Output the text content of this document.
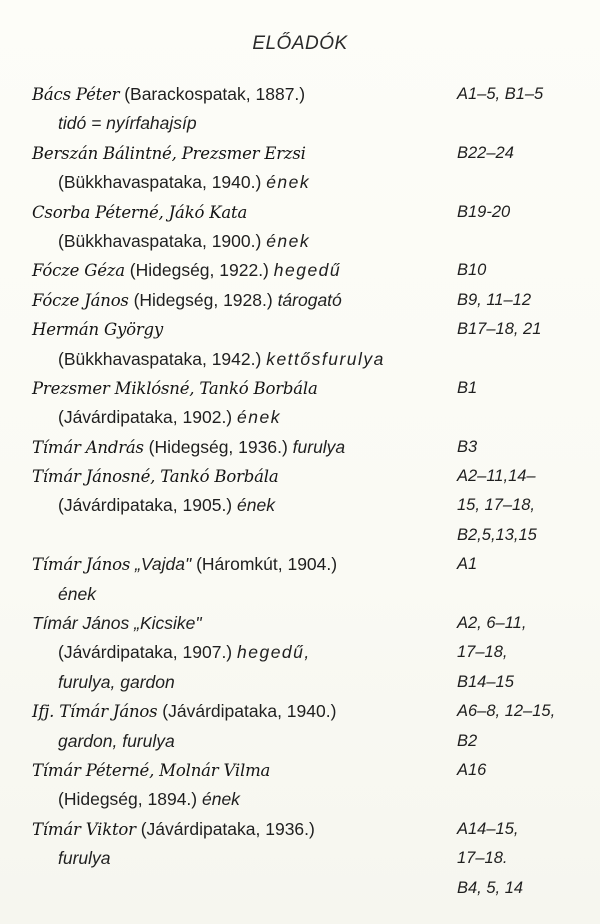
ELŐADÓK
Bács Péter (Barackospatak, 1887.)	A1–5, B1–5
tidó = nyírfahajsíp
Berszán Bálintné, Prezsmer Erzsi	B22–24
(Bükkhavaspataka, 1940.) ének
Csorba Péterné, Jákó Kata	B19-20
(Bükkhavaspataka, 1900.) ének
Fócze Géza (Hidegség, 1922.) hegedű	B10
Fócze János (Hidegség, 1928.) tárogató	B9, 11–12
Hermán György	B17–18, 21
(Bükkhavaspataka, 1942.) kettősfurulya
Prezsmer Miklósné, Tankó Borbála	B1
(Jávárdipataka, 1902.) ének
Tímár András (Hidegség, 1936.) furulya	B3
Tímár Jánosné, Tankó Borbála	A2–11,14–
(Jávárdipataka, 1905.) ének	15, 17–18,
B2,5,13,15
Tímár János „Vajda" (Háromkút, 1904.)	A1
ének
Tímár János „Kicsike"	A2, 6–11,
(Jávárdipataka, 1907.) hegedű,	17–18,
furulya, gardon	B14–15
Ifj. Tímár János (Jávárdipataka, 1940.)	A6–8, 12–15,
gardon, furulya	B2
Tímár Péterné, Molnár Vilma	A16
(Hidegség, 1894.) ének
Tímár Viktor (Jávárdipataka, 1936.)	A14–15,
furulya	17–18.
B4, 5, 14
